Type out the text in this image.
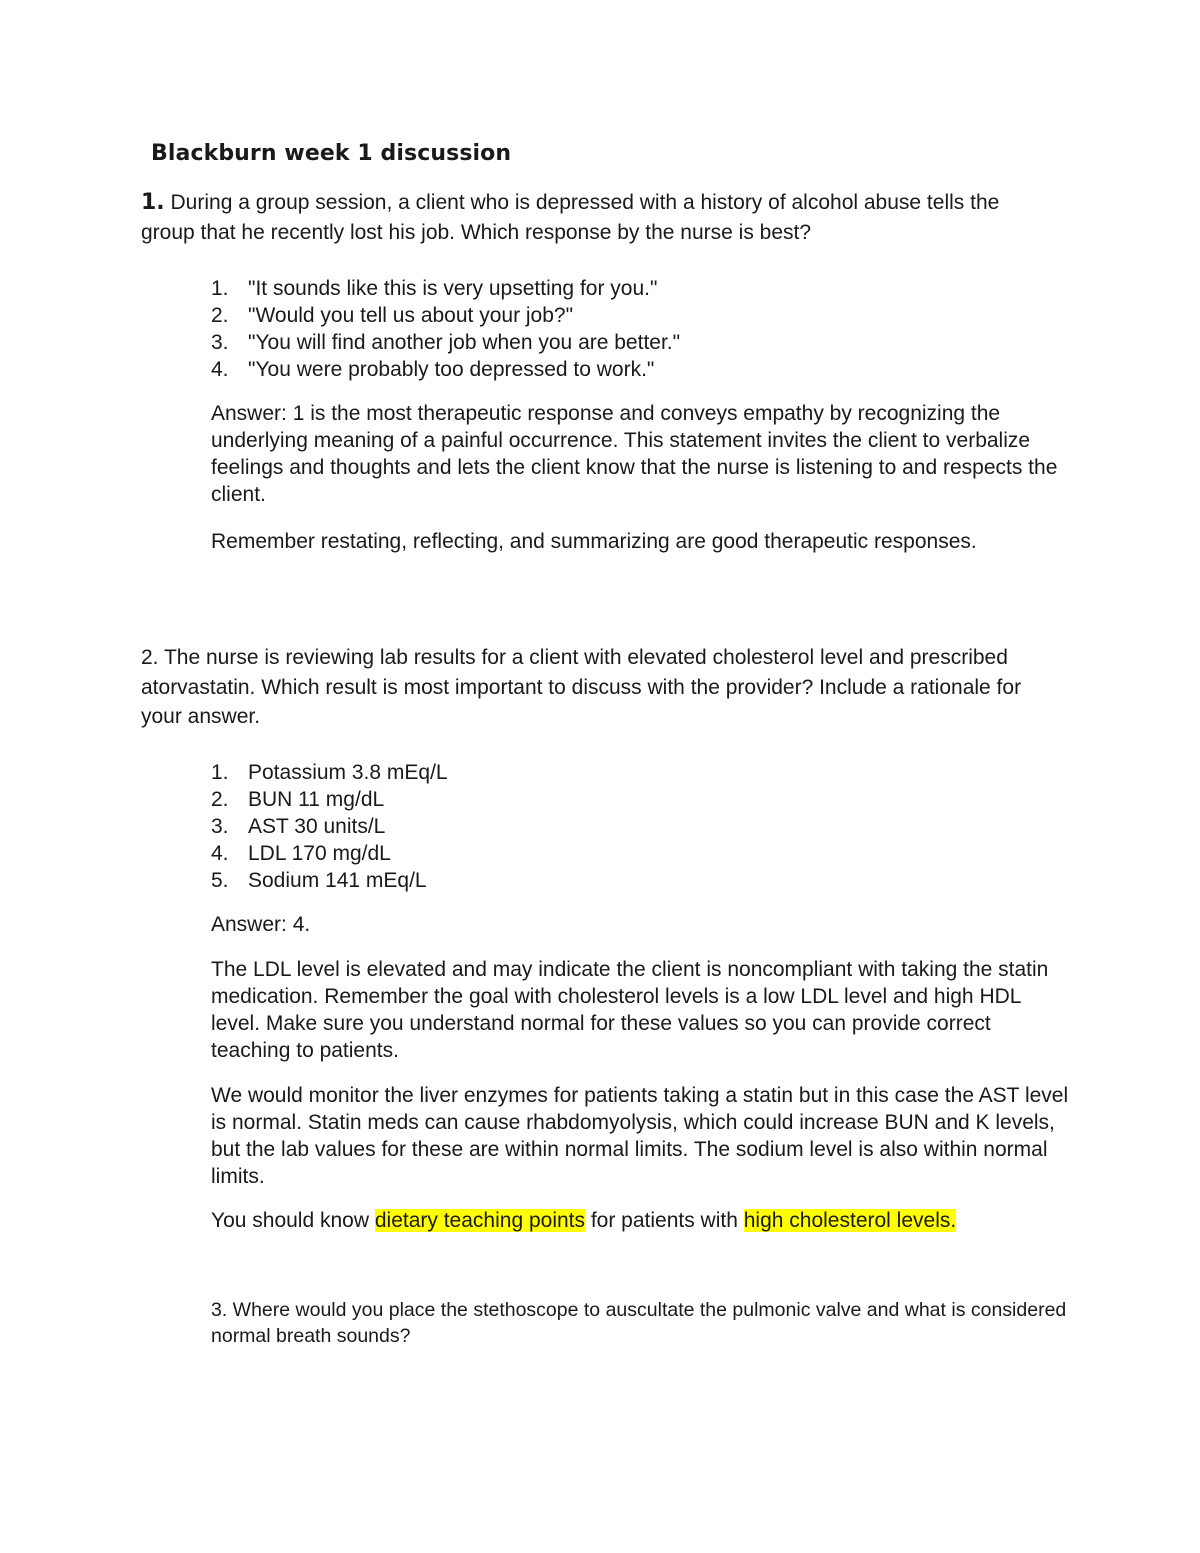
Blackburn week 1 discussion

1. During a group session, a client who is depressed with a history of alcohol abuse tells the group that he recently lost his job. Which response by the nurse is best?

1. "It sounds like this is very upsetting for you."
2. "Would you tell us about your job?"
3. "You will find another job when you are better."
4. "You were probably too depressed to work."

Answer: 1 is the most therapeutic response and conveys empathy by recognizing the underlying meaning of a painful occurrence. This statement invites the client to verbalize feelings and thoughts and lets the client know that the nurse is listening to and respects the client.

Remember restating, reflecting, and summarizing are good therapeutic responses.

2. The nurse is reviewing lab results for a client with elevated cholesterol level and prescribed atorvastatin. Which result is most important to discuss with the provider? Include a rationale for your answer.

1. Potassium 3.8 mEq/L
2. BUN 11 mg/dL
3. AST 30 units/L
4. LDL 170 mg/dL
5. Sodium 141 mEq/L

Answer: 4.

The LDL level is elevated and may indicate the client is noncompliant with taking the statin medication. Remember the goal with cholesterol levels is a low LDL level and high HDL level. Make sure you understand normal for these values so you can provide correct teaching to patients.

We would monitor the liver enzymes for patients taking a statin but in this case the AST level is normal. Statin meds can cause rhabdomyolysis, which could increase BUN and K levels, but the lab values for these are within normal limits. The sodium level is also within normal limits.

You should know dietary teaching points for patients with high cholesterol levels.

3. Where would you place the stethoscope to auscultate the pulmonic valve and what is considered normal breath sounds?
